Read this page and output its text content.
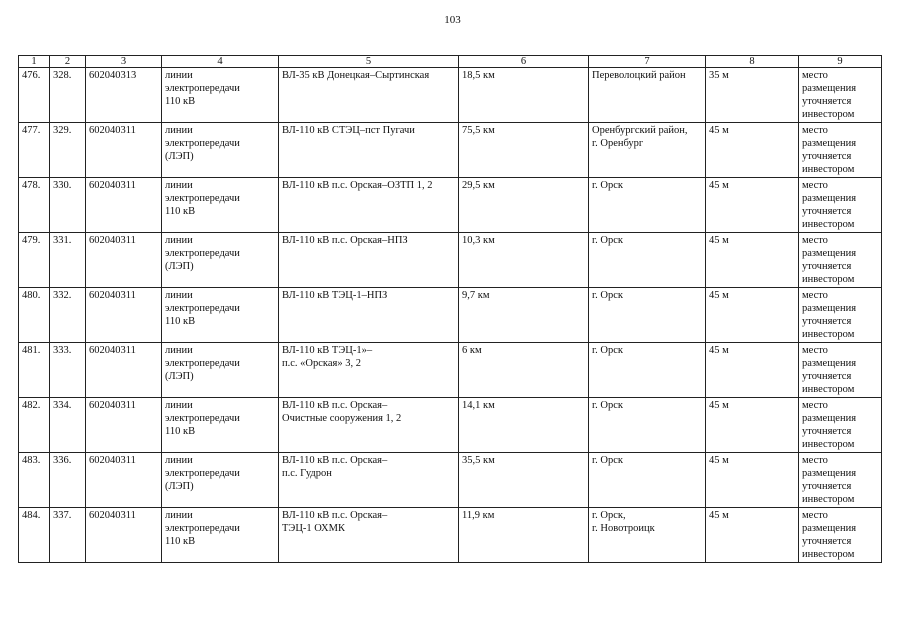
103
1	2	3	4	5	6	7	8	9
476.	328.	602040313	линии
электропередачи
110 кВ	ВЛ-35 кВ Донецкая–Сыртинская	18,5 км	Переволоцкий район	35 м	место
размещения
уточняется
инвестором
477.	329.	602040311	линии
электропередачи
(ЛЭП)	ВЛ-110 кВ СТЭЦ–пст Пугачи	75,5 км	Оренбургский район,
г. Оренбург	45 м	место
размещения
уточняется
инвестором
478.	330.	602040311	линии
электропередачи
110 кВ	ВЛ-110 кВ п.с. Орская–ОЗТП 1, 2	29,5 км	г. Орск	45 м	место
размещения
уточняется
инвестором
479.	331.	602040311	линии
электропередачи
(ЛЭП)	ВЛ-110 кВ п.с. Орская–НПЗ	10,3 км	г. Орск	45 м	место
размещения
уточняется
инвестором
480.	332.	602040311	линии
электропередачи
110 кВ	ВЛ-110 кВ ТЭЦ-1–НПЗ	9,7 км	г. Орск	45 м	место
размещения
уточняется
инвестором
481.	333.	602040311	линии
электропередачи
(ЛЭП)	ВЛ-110 кВ ТЭЦ-1»–
п.с. «Орская» 3, 2	6 км	г. Орск	45 м	место
размещения
уточняется
инвестором
482.	334.	602040311	линии
электропередачи
110 кВ	ВЛ-110 кВ п.с. Орская–
Очистные сооружения 1, 2	14,1 км	г. Орск	45 м	место
размещения
уточняется
инвестором
483.	336.	602040311	линии
электропередачи
(ЛЭП)	ВЛ-110 кВ п.с. Орская–
п.с. Гудрон	35,5 км	г. Орск	45 м	место
размещения
уточняется
инвестором
484.	337.	602040311	линии
электропередачи
110 кВ	ВЛ-110 кВ п.с. Орская–
ТЭЦ-1 ОХМК	11,9 км	г. Орск,
г. Новотроицк	45 м	место
размещения
уточняется
инвестором
